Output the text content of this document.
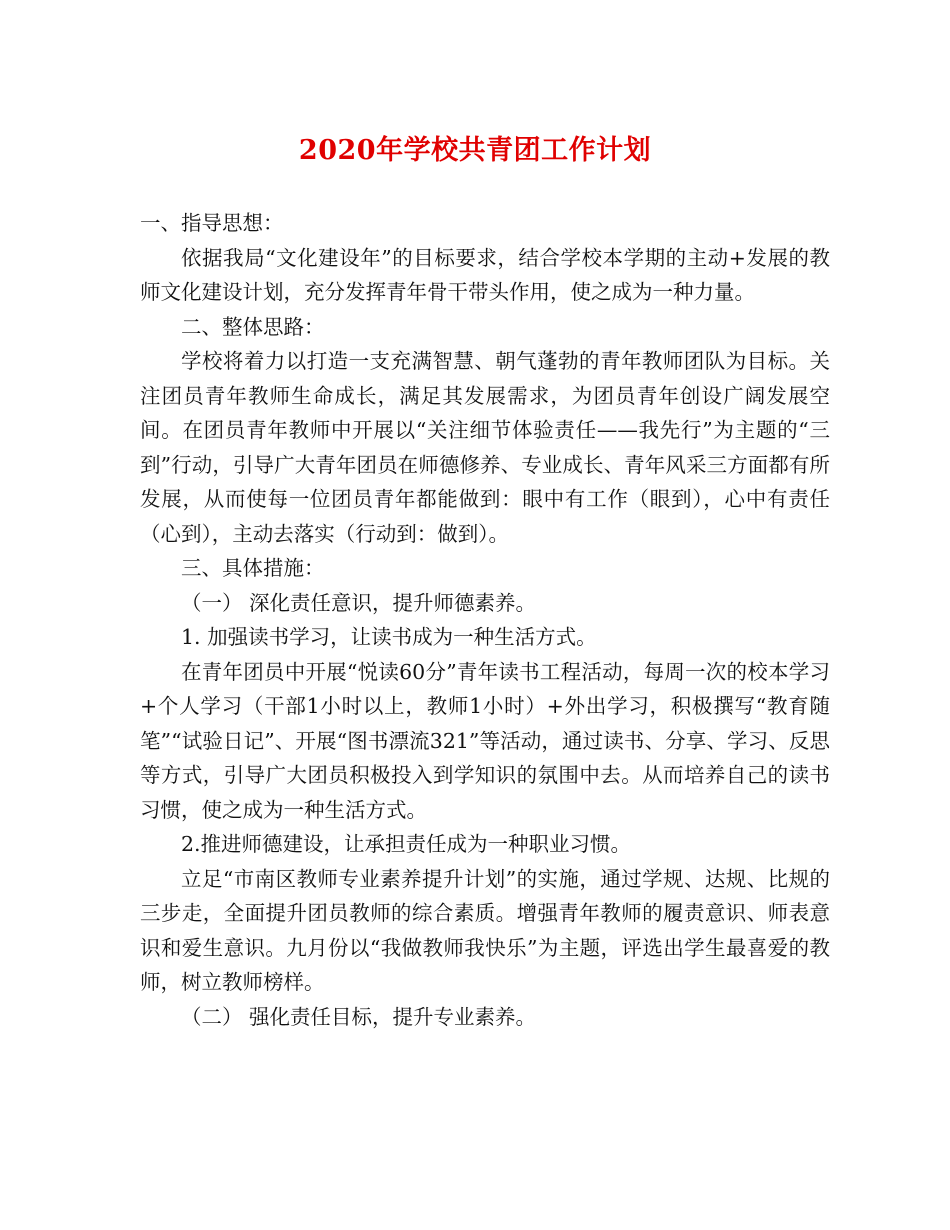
2020年学校共青团工作计划

一、指导思想：

依据我局“文化建设年”的目标要求，结合学校本学期的主动+发展的教师文化建设计划，充分发挥青年骨干带头作用，使之成为一种力量。

二、整体思路：

学校将着力以打造一支充满智慧、朝气蓬勃的青年教师团队为目标。关注团员青年教师生命成长，满足其发展需求，为团员青年创设广阔发展空间。在团员青年教师中开展以“关注细节体验责任——我先行”为主题的“三到”行动，引导广大青年团员在师德修养、专业成长、青年风采三方面都有所发展，从而使每一位团员青年都能做到：眼中有工作（眼到），心中有责任（心到），主动去落实（行动到：做到）。

三、具体措施：

（一） 深化责任意识，提升师德素养。

1. 加强读书学习，让读书成为一种生活方式。

在青年团员中开展“悦读60分”青年读书工程活动，每周一次的校本学习+个人学习（干部1小时以上，教师1小时）+外出学习，积极撰写“教育随笔”“试验日记”、开展“图书漂流321”等活动，通过读书、分享、学习、反思等方式，引导广大团员积极投入到学知识的氛围中去。从而培养自己的读书习惯，使之成为一种生活方式。

2.推进师德建设，让承担责任成为一种职业习惯。

立足“市南区教师专业素养提升计划”的实施，通过学规、达规、比规的三步走，全面提升团员教师的综合素质。增强青年教师的履责意识、师表意识和爱生意识。九月份以“我做教师我快乐”为主题，评选出学生最喜爱的教师，树立教师榜样。

（二） 强化责任目标，提升专业素养。
